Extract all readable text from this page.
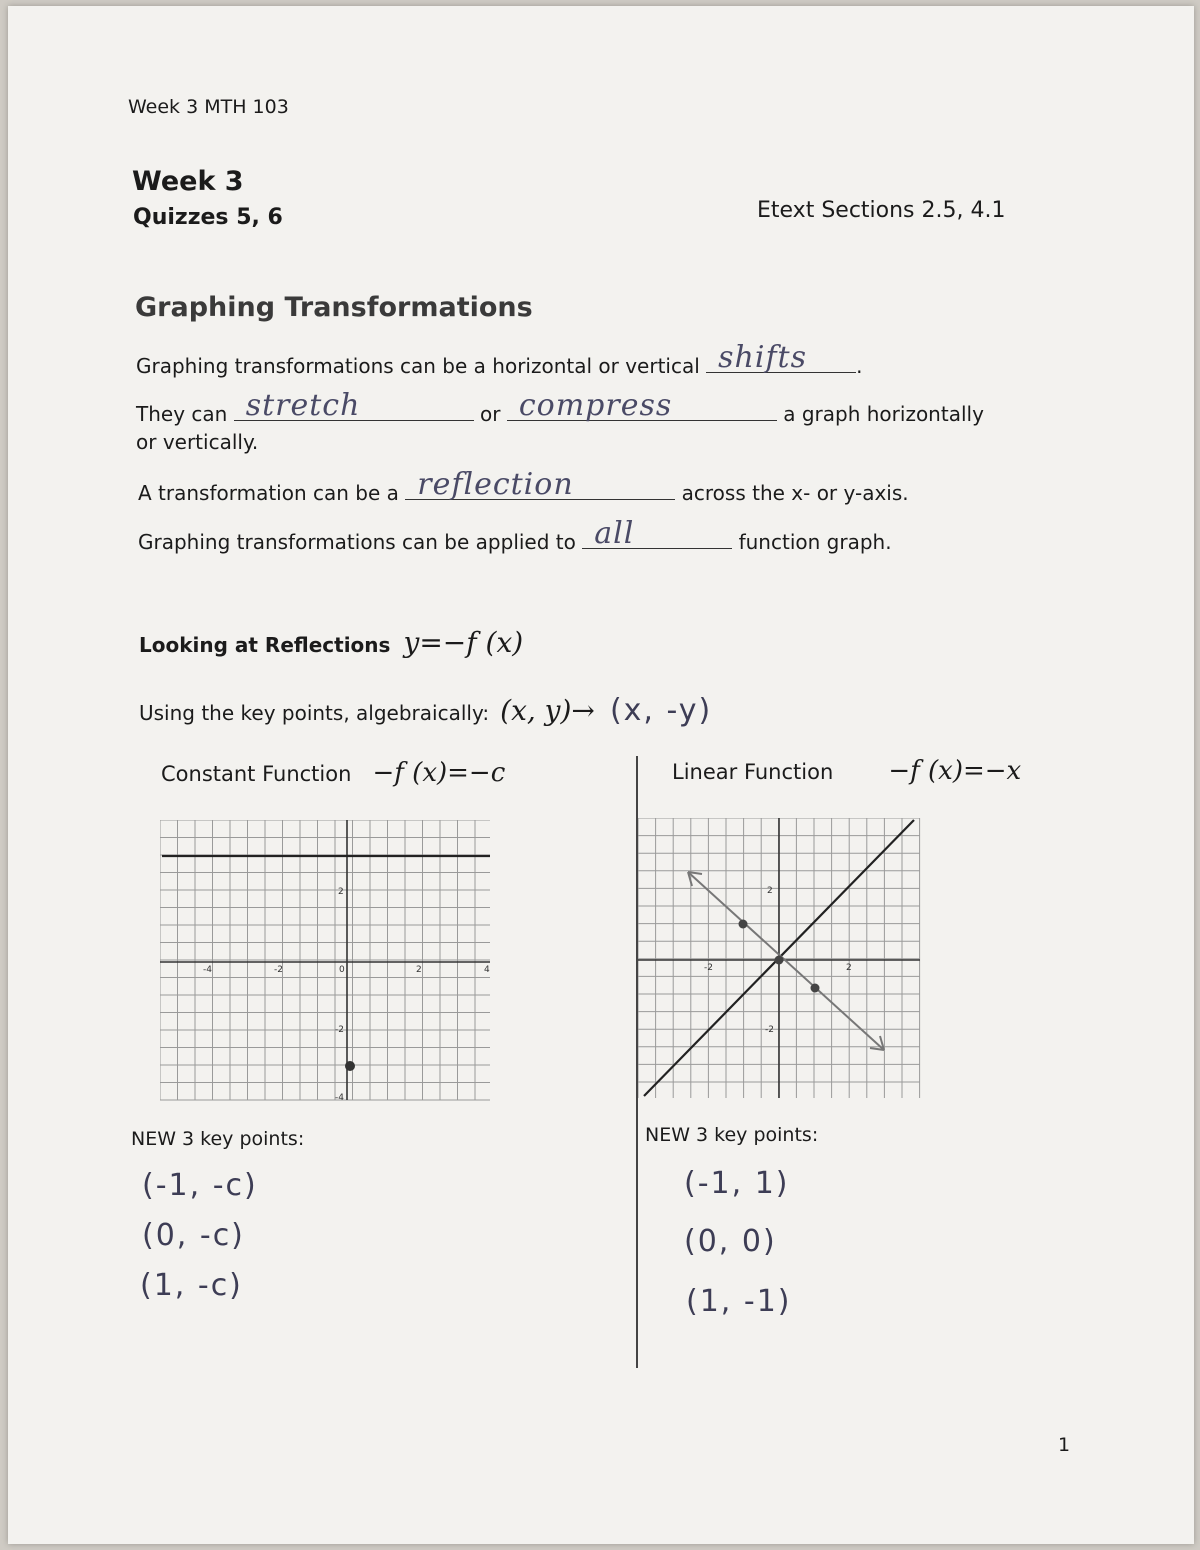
Week 3 MTH 103
Week 3
Quizzes 5, 6	Etext Sections 2.5, 4.1
Graphing Transformations
Graphing transformations can be a horizontal or vertical shifts .
They can stretch	or compress	a graph horizontally
or vertically.
A transformation can be a reflection	across the x- or y-axis.
Graphing transformations can be applied to all	function graph.
Looking at Reflections y=−f (x)
Using the key points, algebraically: (x, y)→ (x, -y)
Constant Function −f (x)=−c	Linear Function −f (x)=−x
-4	-2	0	2	4
2
-2
-4
-2	2
2
-2
NEW 3 key points:
(-1, -c)
(0, -c)
(1, -c)
NEW 3 key points:
(-1, 1)
(0, 0)
(1, -1)
1
